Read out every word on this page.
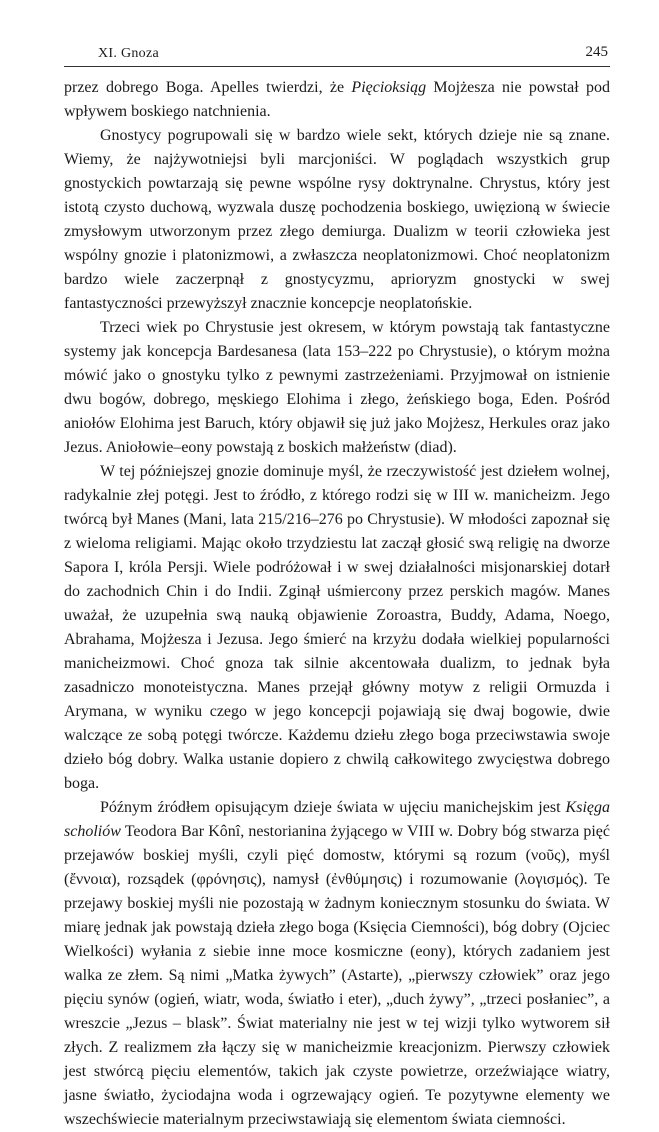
XI. Gnoza	245

przez dobrego Boga. Apelles twierdzi, że Pięcioksiąg Mojżesza nie powstał pod wpływem boskiego natchnienia.

Gnostycy pogrupowali się w bardzo wiele sekt, których dzieje nie są znane. Wiemy, że najżywotniejsi byli marcjoniści. W poglądach wszystkich grup gnostyckich powtarzają się pewne wspólne rysy doktrynalne. Chrystus, który jest istotą czysto duchową, wyzwala duszę pochodzenia boskiego, uwięzioną w świecie zmysłowym utworzonym przez złego demiurga. Dualizm w teorii człowieka jest wspólny gnozie i platonizmowi, a zwłaszcza neoplatonizmowi. Choć neoplatonizm bardzo wiele zaczerpnął z gnostycyzmu, aprioryzm gnostycki w swej fantastyczności przewyższył znacznie koncepcje neoplatońskie.

Trzeci wiek po Chrystusie jest okresem, w którym powstają tak fantastyczne systemy jak koncepcja Bardesanesa (lata 153–222 po Chrystusie), o którym można mówić jako o gnostyku tylko z pewnymi zastrzeżeniami. Przyjmował on istnienie dwu bogów, dobrego, męskiego Elohima i złego, żeńskiego boga, Eden. Pośród aniołów Elohima jest Baruch, który objawił się już jako Mojżesz, Herkules oraz jako Jezus. Aniołowie–eony powstają z boskich małżeństw (diad).

W tej późniejszej gnozie dominuje myśl, że rzeczywistość jest dziełem wolnej, radykalnie złej potęgi. Jest to źródło, z którego rodzi się w III w. manicheizm. Jego twórcą był Manes (Mani, lata 215/216–276 po Chrystusie). W młodości zapoznał się z wieloma religiami. Mając około trzydziestu lat zaczął głosić swą religię na dworze Sapora I, króla Persji. Wiele podróżował i w swej działalności misjonarskiej dotarł do zachodnich Chin i do Indii. Zginął uśmiercony przez perskich magów. Manes uważał, że uzupełnia swą nauką objawienie Zoroastra, Buddy, Adama, Noego, Abrahama, Mojżesza i Jezusa. Jego śmierć na krzyżu dodała wielkiej popularności manicheizmowi. Choć gnoza tak silnie akcentowała dualizm, to jednak była zasadniczo monoteistyczna. Manes przejął główny motyw z religii Ormuzda i Arymana, w wyniku czego w jego koncepcji pojawiają się dwaj bogowie, dwie walczące ze sobą potęgi twórcze. Każdemu dziełu złego boga przeciwstawia swoje dzieło bóg dobry. Walka ustanie dopiero z chwilą całkowitego zwycięstwa dobrego boga.

Późnym źródłem opisującym dzieje świata w ujęciu manichejskim jest Księga scholiów Teodora Bar Kônî, nestorianina żyjącego w VIII w. Dobry bóg stwarza pięć przejawów boskiej myśli, czyli pięć domostw, którymi są rozum (νοῦς), myśl (ἔννοια), rozsądek (φρόνησις), namysł (ἐνθύμησις) i rozumowanie (λογισμός). Te przejawy boskiej myśli nie pozostają w żadnym koniecznym stosunku do świata. W miarę jednak jak powstają dzieła złego boga (Księcia Ciemności), bóg dobry (Ojciec Wielkości) wyłania z siebie inne moce kosmiczne (eony), których zadaniem jest walka ze złem. Są nimi „Matka żywych” (Astarte), „pierwszy człowiek” oraz jego pięciu synów (ogień, wiatr, woda, światło i eter), „duch żywy”, „trzeci posłaniec”, a wreszcie „Jezus – blask”. Świat materialny nie jest w tej wizji tylko wytworem sił złych. Z realizmem zła łączy się w manicheizmie kreacjonizm. Pierwszy człowiek jest stwórcą pięciu elementów, takich jak czyste powietrze, orzeźwiające wiatry, jasne światło, życiodajna woda i ogrzewający ogień. Te pozytywne elementy we wszechświecie materialnym przeciwstawiają się elementom świata ciemności.
